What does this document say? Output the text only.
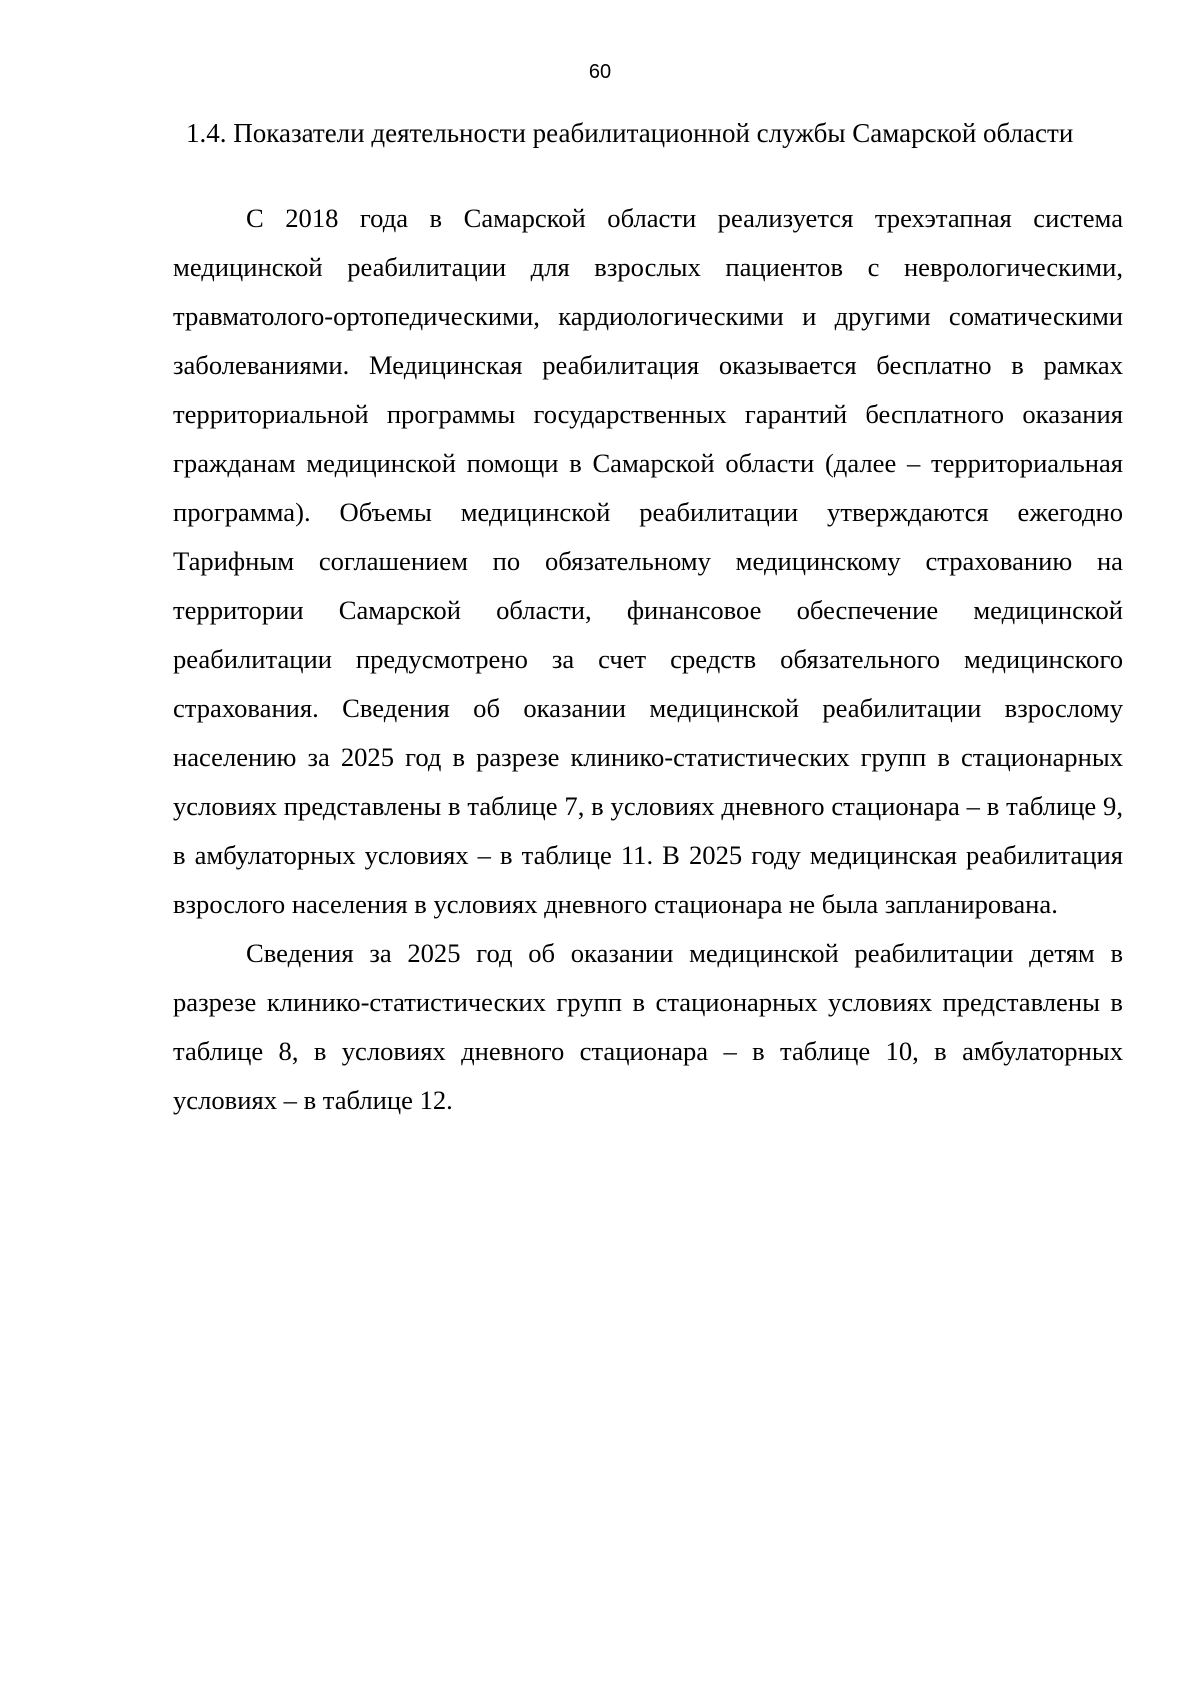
60
1.4. Показатели деятельности реабилитационной службы Самарской области

С 2018 года в Самарской области реализуется трехэтапная система медицинской реабилитации для взрослых пациентов с неврологическими, травматолого-ортопедическими, кардиологическими и другими соматическими заболеваниями. Медицинская реабилитация оказывается бесплатно в рамках территориальной программы государственных гарантий бесплатного оказания гражданам медицинской помощи в Самарской области (далее – территориальная программа). Объемы медицинской реабилитации утверждаются ежегодно Тарифным соглашением по обязательному медицинскому страхованию на территории Самарской области, финансовое обеспечение медицинской реабилитации предусмотрено за счет средств обязательного медицинского страхования. Сведения об оказании медицинской реабилитации взрослому населению за 2025 год в разрезе клинико-статистических групп в стационарных условиях представлены в таблице 7, в условиях дневного стационара – в таблице 9, в амбулаторных условиях – в таблице 11. В 2025 году медицинская реабилитация взрослого населения в условиях дневного стационара не была запланирована.

Сведения за 2025 год об оказании медицинской реабилитации детям в разрезе клинико-статистических групп в стационарных условиях представлены в таблице 8, в условиях дневного стационара – в таблице 10, в амбулаторных условиях – в таблице 12.
